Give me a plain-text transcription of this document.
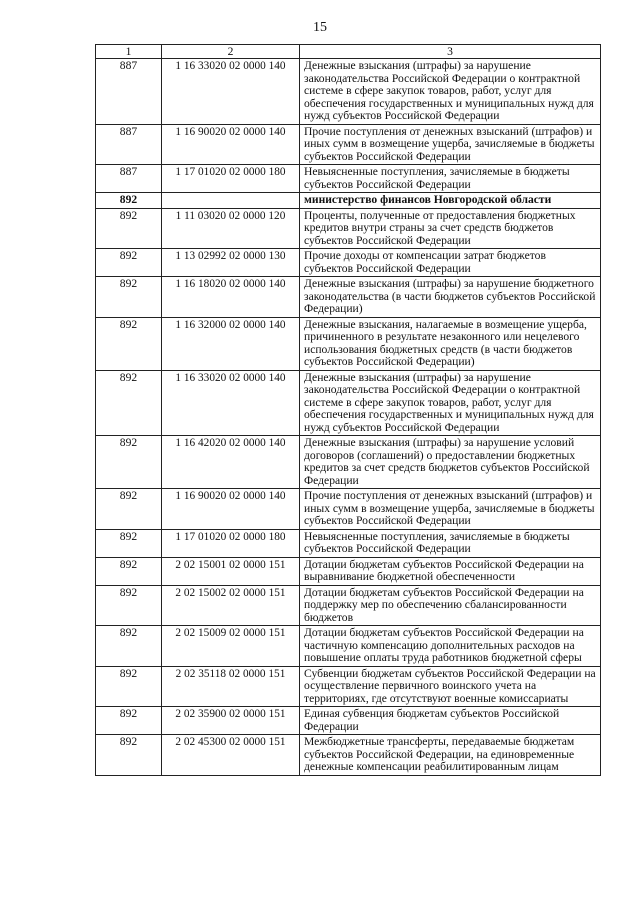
15
1	2	3
887	1 16 33020 02 0000 140	Денежные взыскания (штрафы) за нарушение законодательства Российской Федерации о контрактной системе в сфере закупок товаров, работ, услуг для обеспечения государственных и муниципальных нужд для нужд субъектов Российской Федерации
887	1 16 90020 02 0000 140	Прочие поступления от денежных взысканий (штрафов) и иных сумм в возмещение ущерба, зачисляемые в бюджеты субъектов Российской Федерации
887	1 17 01020 02 0000 180	Невыясненные поступления, зачисляемые в бюджеты субъектов Российской Федерации
892		министерство финансов Новгородской области
892	1 11 03020 02 0000 120	Проценты, полученные от предоставления бюджетных кредитов внутри страны за счет средств бюджетов субъектов Российской Федерации
892	1 13 02992 02 0000 130	Прочие доходы от компенсации затрат бюджетов субъектов Российской Федерации
892	1 16 18020 02 0000 140	Денежные взыскания (штрафы) за нарушение бюджетного законодательства (в части бюджетов субъектов Российской Федерации)
892	1 16 32000 02 0000 140	Денежные взыскания, налагаемые в возмещение ущерба, причиненного в результате незаконного или нецелевого использования бюджетных средств (в части бюджетов субъектов Российской Федерации)
892	1 16 33020 02 0000 140	Денежные взыскания (штрафы) за нарушение законодательства Российской Федерации о контрактной системе в сфере закупок товаров, работ, услуг для обеспечения государственных и муниципальных нужд для нужд субъектов Российской Федерации
892	1 16 42020 02 0000 140	Денежные взыскания (штрафы) за нарушение условий договоров (соглашений) о предоставлении бюджетных кредитов за счет средств бюджетов субъектов Российской Федерации
892	1 16 90020 02 0000 140	Прочие поступления от денежных взысканий (штрафов) и иных сумм в возмещение ущерба, зачисляемые в бюджеты субъектов Российской Федерации
892	1 17 01020 02 0000 180	Невыясненные поступления, зачисляемые в бюджеты субъектов Российской Федерации
892	2 02 15001 02 0000 151	Дотации бюджетам субъектов Российской Федерации на выравнивание бюджетной обеспеченности
892	2 02 15002 02 0000 151	Дотации бюджетам субъектов Российской Федерации на поддержку мер по обеспечению сбалансированности бюджетов
892	2 02 15009 02 0000 151	Дотации бюджетам субъектов Российской Федерации на частичную компенсацию дополнительных расходов на повышение оплаты труда работников бюджетной сферы
892	2 02 35118 02 0000 151	Субвенции бюджетам субъектов Российской Федерации на осуществление первичного воинского учета на территориях, где отсутствуют военные комиссариаты
892	2 02 35900 02 0000 151	Единая субвенция бюджетам субъектов Российской Федерации
892	2 02 45300 02 0000 151	Межбюджетные трансферты, передаваемые бюджетам субъектов Российской Федерации, на единовременные денежные компенсации реабилитированным лицам
